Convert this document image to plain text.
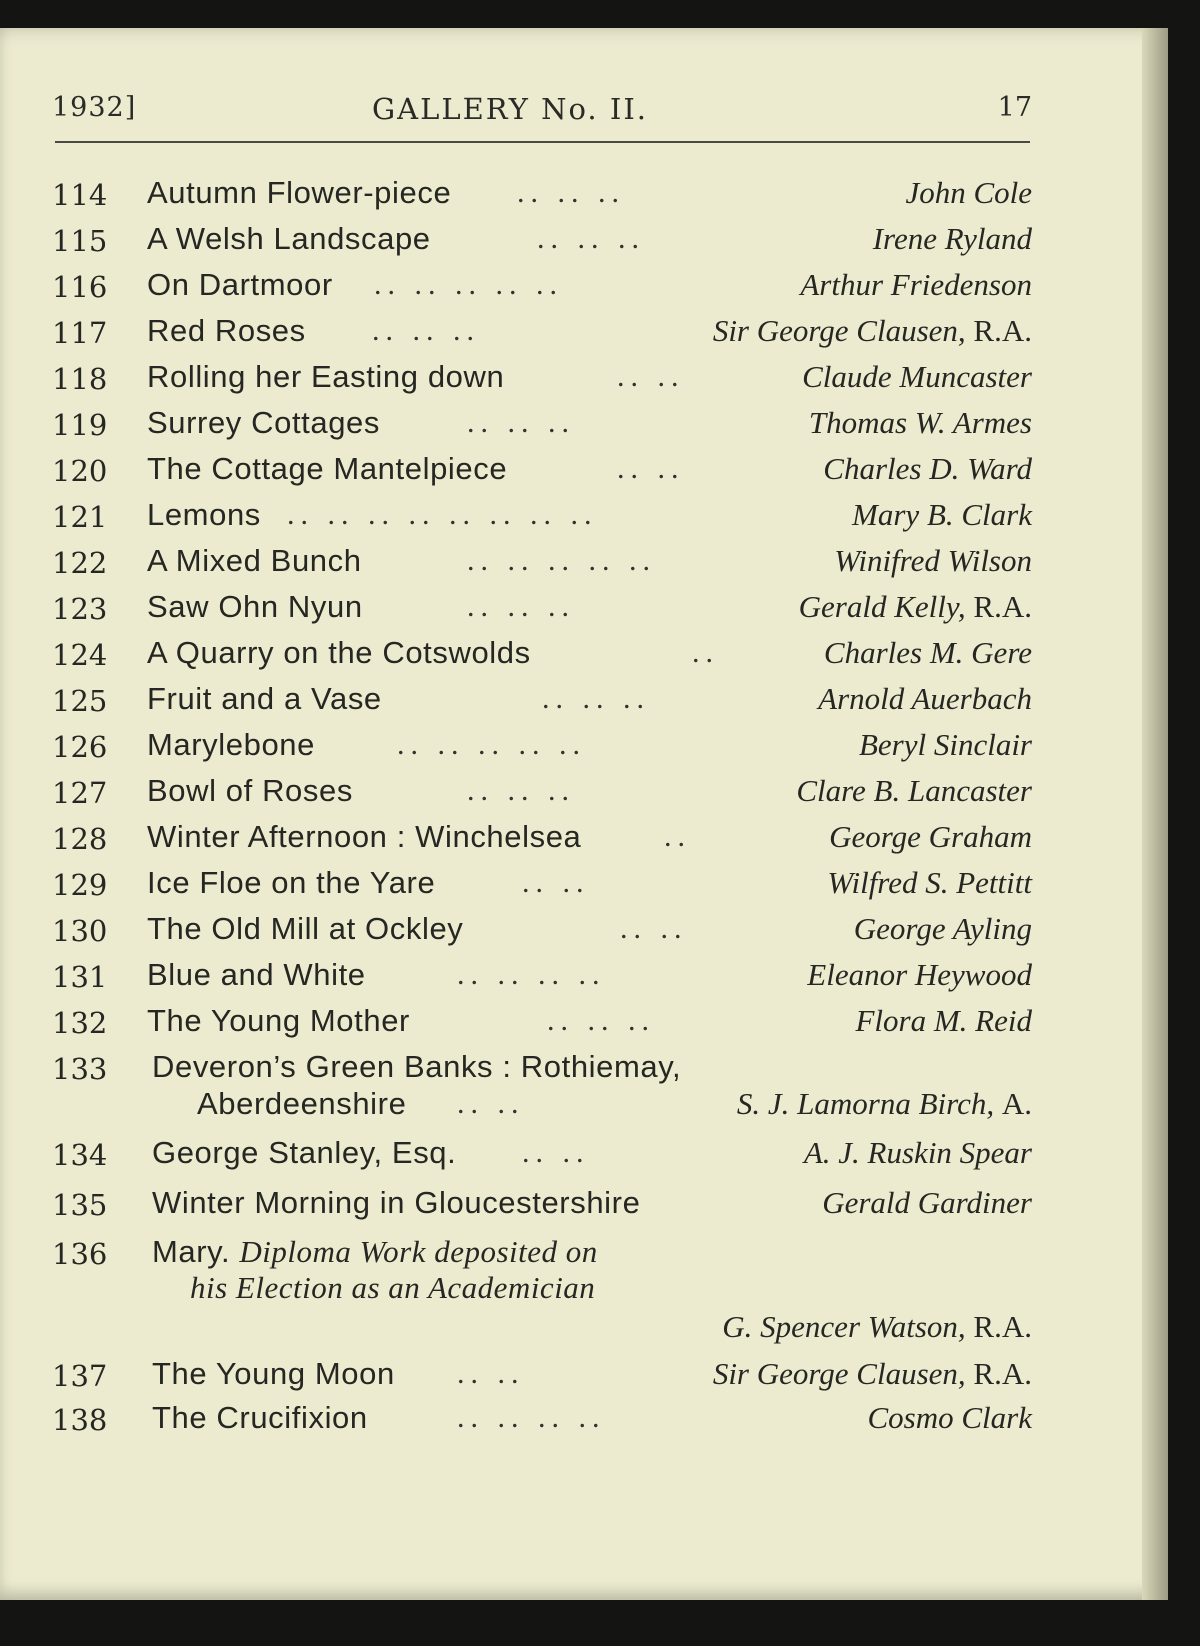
1932]	GALLERY No. II.	17
114 Autumn Flower-piece .. .. ..	John Cole
115 A Welsh Landscape	.. .. ..	Irene Ryland
116 On Dartmoor .. .. .. .. ..	Arthur Friedenson
117 Red Roses .. .. ..	Sir George Clausen, R.A.
118 Rolling her Easting down	.. ..	Claude Muncaster
119 Surrey Cottages	.. .. ..	Thomas W. Armes
120 The Cottage Mantelpiece	.. ..	Charles D. Ward
121 Lemons .. .. .. .. .. .. .. ..	Mary B. Clark
122 A Mixed Bunch	.. .. .. .. ..	Winifred Wilson
123 Saw Ohn Nyun	.. .. ..	Gerald Kelly, R.A.
124 A Quarry on the Cotswolds	..	Charles M. Gere
125 Fruit and a Vase	.. .. ..	Arnold Auerbach
126 Marylebone	.. .. .. .. ..	Beryl Sinclair
127 Bowl of Roses	.. .. ..	Clare B. Lancaster
128 Winter Afternoon : Winchelsea	..	George Graham
129 Ice Floe on the Yare	.. ..	Wilfred S. Pettitt
130 The Old Mill at Ockley	.. ..	George Ayling
131 Blue and White	.. .. .. ..	Eleanor Heywood
132 The Young Mother	.. .. ..	Flora M. Reid
133 Deveron’s Green Banks : Rothiemay,
Aberdeenshire .. ..	S. J. Lamorna Birch, A.
134 George Stanley, Esq. .. ..	A. J. Ruskin Spear
135 Winter Morning in Gloucestershire	Gerald Gardiner
136 Mary. Diploma Work deposited on
his Election as an Academician
G. Spencer Watson, R.A.
137 The Young Moon .. ..	Sir George Clausen, R.A.
138 The Crucifixion	.. .. .. ..	Cosmo Clark
